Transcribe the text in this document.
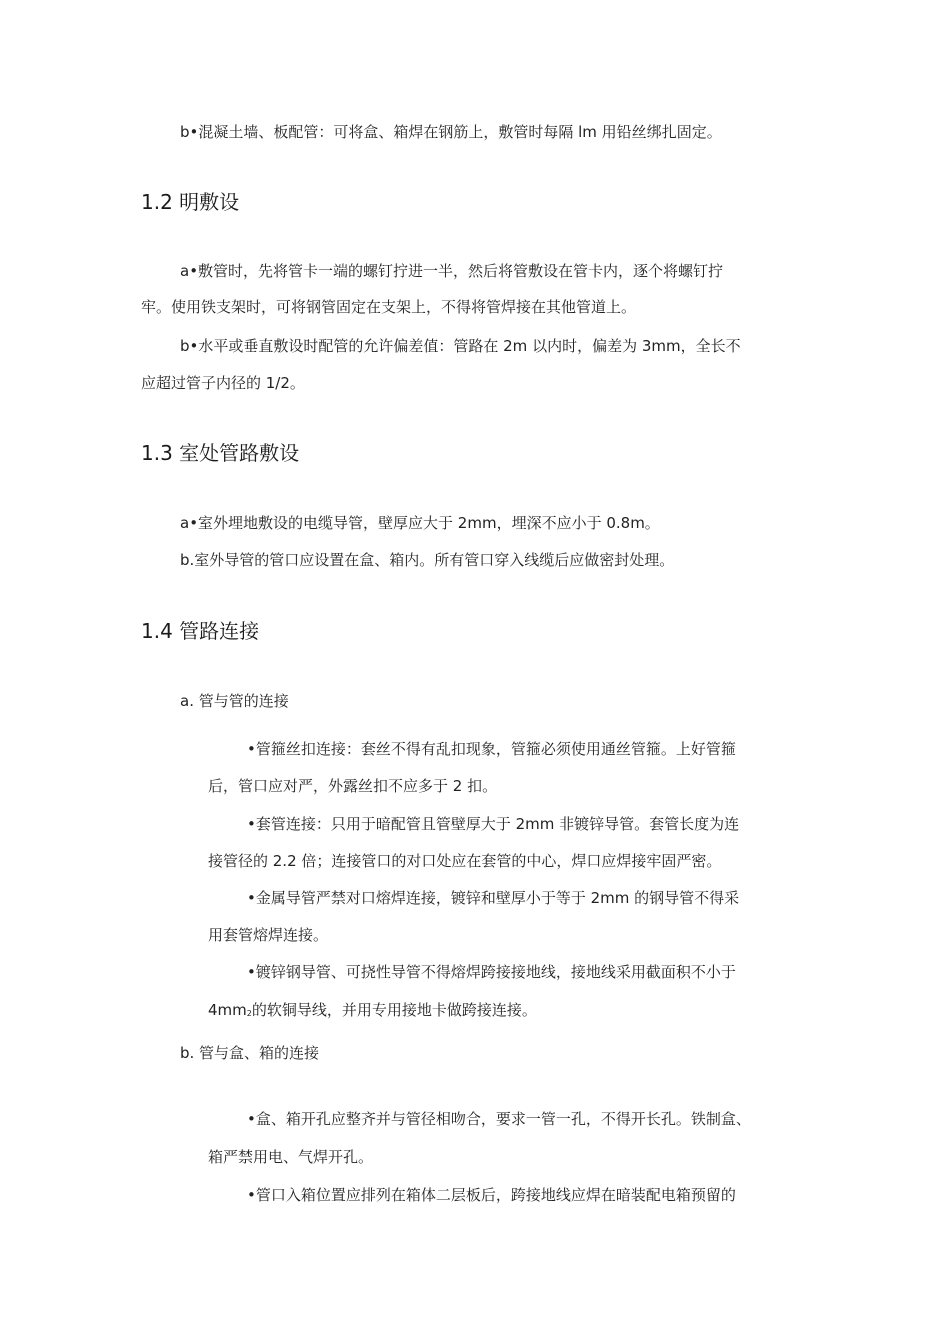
b•混凝土墙、板配管：可将盒、箱焊在钢筋上，敷管时每隔 lm 用铅丝绑扎固定。
1.2 明敷设
a•敷管时，先将管卡一端的螺钉拧进一半，然后将管敷设在管卡内，逐个将螺钉拧
牢。使用铁支架时，可将钢管固定在支架上，不得将管焊接在其他管道上。
b•水平或垂直敷设时配管的允许偏差值：管路在 2m 以内时，偏差为 3mm，全长不
应超过管子内径的 1/2。
1.3 室处管路敷设
a•室外埋地敷设的电缆导管，壁厚应大于 2mm，埋深不应小于 0.8m。
b.室外导管的管口应设置在盒、箱内。所有管口穿入线缆后应做密封处理。
1.4 管路连接
a. 管与管的连接
•管箍丝扣连接：套丝不得有乱扣现象，管箍必须使用通丝管箍。上好管箍
后，管口应对严，外露丝扣不应多于 2 扣。
•套管连接：只用于暗配管且管壁厚大于 2mm 非镀锌导管。套管长度为连
接管径的 2.2 倍；连接管口的对口处应在套管的中心，焊口应焊接牢固严密。
•金属导管严禁对口熔焊连接，镀锌和壁厚小于等于 2mm 的钢导管不得采
用套管熔焊连接。
•镀锌钢导管、可挠性导管不得熔焊跨接接地线，接地线采用截面积不小于
$4mm_2$的软铜导线，并用专用接地卡做跨接连接。
b. 管与盒、箱的连接
•盒、箱开孔应整齐并与管径相吻合，要求一管一孔，不得开长孔。铁制盒、
箱严禁用电、气焊开孔。
•管口入箱位置应排列在箱体二层板后，跨接地线应焊在暗装配电箱预留的
